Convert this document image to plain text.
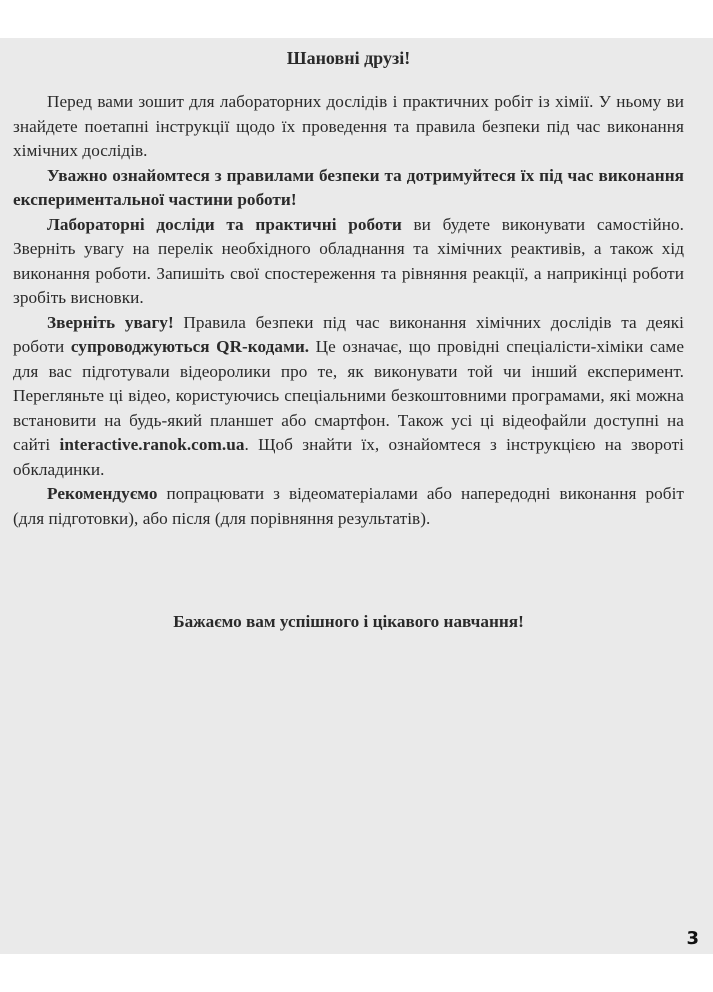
Шановні друзі!

Перед вами зошит для лабораторних дослідів і практичних робіт із хімії. У ньому ви знайдете поетапні інструкції щодо їх проведення та правила безпеки під час виконання хімічних дослідів.

Уважно ознайомтеся з правилами безпеки та дотримуйтеся їх під час виконання експериментальної частини роботи!

Лабораторні досліди та практичні роботи ви будете виконувати самостійно. Зверніть увагу на перелік необхідного обладнання та хімічних реактивів, а також хід виконання роботи. Запишіть свої спостереження та рівняння реакції, а наприкінці роботи зробіть висновки.

Зверніть увагу! Правила безпеки під час виконання хімічних дослідів та деякі роботи супроводжуються QR-кодами. Це означає, що провідні спеціалісти-хіміки саме для вас підготували відеоролики про те, як виконувати той чи інший експеримент. Перегляньте ці відео, користуючись спеціальними безкоштовними програмами, які можна встановити на будь-який планшет або смартфон. Також усі ці відеофайли доступні на сайті interactive.ranok.com.ua. Щоб знайти їх, ознайомтеся з інструкцією на звороті обкладинки.

Рекомендуємо попрацювати з відеоматеріалами або напередодні виконання робіт (для підготовки), або після (для порівняння результатів).

Бажаємо вам успішного і цікавого навчання!

3
